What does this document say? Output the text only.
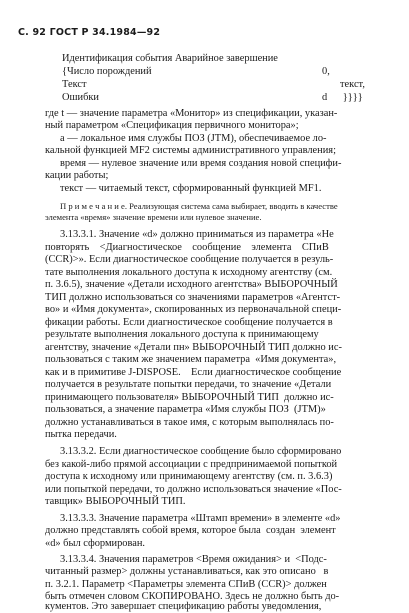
С. 92 ГОСТ Р 34.1984—92
Идентификация события Аварийное завершение
{Число порождений	0,
Текст	текст,
Ошибки	d      }}}}
где t — значение параметра «Монитор» из спецификации, указан-
ный параметром «Спецификация первичного монитора»;
а — локальное имя службы ПОЗ (JTM), обеспечиваемое ло-
кальной функцией MF2 системы административного управления;
время — нулевое значение или время создания новой специфи-
кации работы;
текст — читаемый текст, сформированный функцией MF1.
П р и м е ч а н и е. Реализующая система сама выбирает, вводить в качестве
элемента «время» значение времени или нулевое значение.
3.13.3.1. Значение «d» должно приниматься из параметра «Не
повторять    <Диагностическое    сообщение    элемента    СПиВ
(CCR)>». Если диагностическое сообщение получается в резуль-
тате выполнения локального доступа к исходному агентству (см.
п. 3.6.5), значение «Детали исходного агентства» ВЫБОРОЧНЫЙ
ТИП должно использоваться со значениями параметров «Агентст-
во» и «Имя документа», скопированных из первоначальной специ-
фикации работы. Если диагностическое сообщение получается в
результате выполнения локального доступа к принимающему
агентству, значение «Детали пн» ВЫБОРОЧНЫЙ ТИП должно ис-
пользоваться с таким же значением параметра  «Имя документа»,
как и в примитиве J-DISPOSE.    Если диагностическое сообщение
получается в результате попытки передачи, то значение «Детали
принимающего пользователя» ВЫБОРОЧНЫЙ ТИП  должно ис-
пользоваться, а значение параметра «Имя службы ПОЗ  (JTM)»
должно устанавливаться в такое имя, с которым выполнялась по-
пытка передачи.
3.13.3.2. Если диагностическое сообщение было сформировано
без какой-либо прямой ассоциации с предпринимаемой попыткой
доступа к исходному или принимающему агентству (см. п. 3.6.3)
или попыткой передачи, то должно использоваться значение «Пос-
тавщик» ВЫБОРОЧНЫЙ ТИП.
3.13.3.3. Значение параметра «Штамп времени» в элементе «d»
должно представлять собой время, которое была  создан  элемент
«d» был сформирован.
3.13.3.4. Значения параметров <Время ожидания> и  <Подс-
читанный размер> должны устанавливаться, как это описано   в
п. 3.2.1. Параметр <Параметры элемента СПиВ (CCR)> должен
быть отмечен словом СКОПИРОВАНО. Здесь не должно быть до-
кументов. Это завершает спецификацию работы уведомления,
